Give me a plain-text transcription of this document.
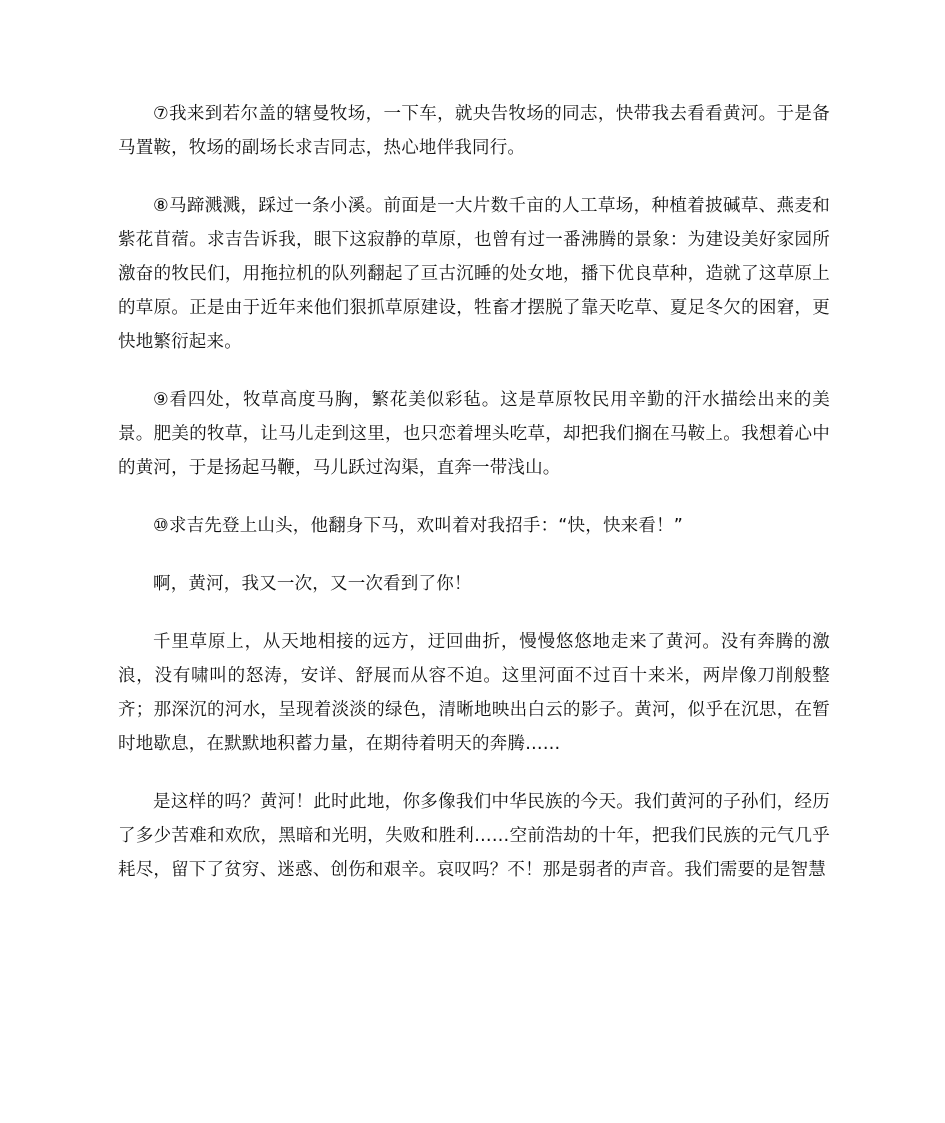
⑦我来到若尔盖的辖曼牧场，一下车，就央告牧场的同志，快带我去看看黄河。于是备马置鞍，牧场的副场长求吉同志，热心地伴我同行。

⑧马蹄溅溅，踩过一条小溪。前面是一大片数千亩的人工草场，种植着披碱草、燕麦和紫花苜蓿。求吉告诉我，眼下这寂静的草原，也曾有过一番沸腾的景象：为建设美好家园所激奋的牧民们，用拖拉机的队列翻起了亘古沉睡的处女地，播下优良草种，造就了这草原上的草原。正是由于近年来他们狠抓草原建设，牲畜才摆脱了靠天吃草、夏足冬欠的困窘，更快地繁衍起来。

⑨看四处，牧草高度马胸，繁花美似彩毡。这是草原牧民用辛勤的汗水描绘出来的美景。肥美的牧草，让马儿走到这里，也只恋着埋头吃草，却把我们搁在马鞍上。我想着心中的黄河，于是扬起马鞭，马儿跃过沟渠，直奔一带浅山。

⑩求吉先登上山头，他翻身下马，欢叫着对我招手：“快，快来看！”

啊，黄河，我又一次，又一次看到了你！

千里草原上，从天地相接的远方，迂回曲折，慢慢悠悠地走来了黄河。没有奔腾的激浪，没有啸叫的怒涛，安详、舒展而从容不迫。这里河面不过百十来米，两岸像刀削般整齐；那深沉的河水，呈现着淡淡的绿色，清晰地映出白云的影子。黄河，似乎在沉思，在暂时地歇息，在默默地积蓄力量，在期待着明天的奔腾……

是这样的吗？黄河！此时此地，你多像我们中华民族的今天。我们黄河的子孙们，经历了多少苦难和欢欣，黑暗和光明，失败和胜利……空前浩劫的十年，把我们民族的元气几乎耗尽，留下了贫穷、迷惑、创伤和艰辛。哀叹吗？不！那是弱者的声音。我们需要的是智慧
